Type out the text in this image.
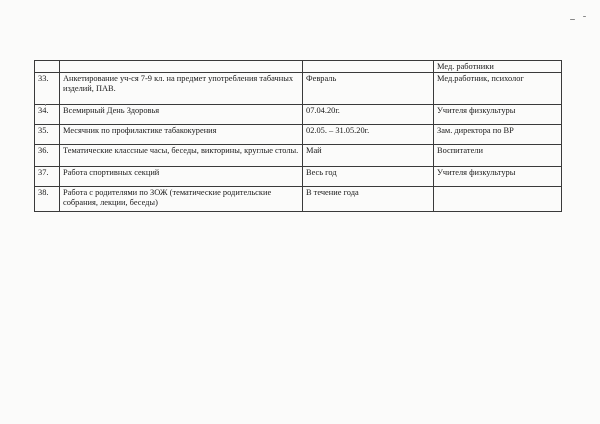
			Мед. работники
33.	Анкетирование уч-ся 7-9 кл. на предмет употребления табачных изделий, ПАВ.	Февраль	Мед.работник, психолог
34.	Всемирный День Здоровья	07.04.20г.	Учителя физкультуры
35.	Месячник по профилактике табакокурения	02.05. – 31.05.20г.	Зам. директора по ВР
36.	Тематические классные часы, беседы, викторины, круглые столы.	Май	Воспитатели
37.	Работа спортивных секций	Весь год	Учителя физкультуры
38.	Работа с родителями по ЗОЖ (тематические родительские собрания, лекции, беседы)	В течение года	
